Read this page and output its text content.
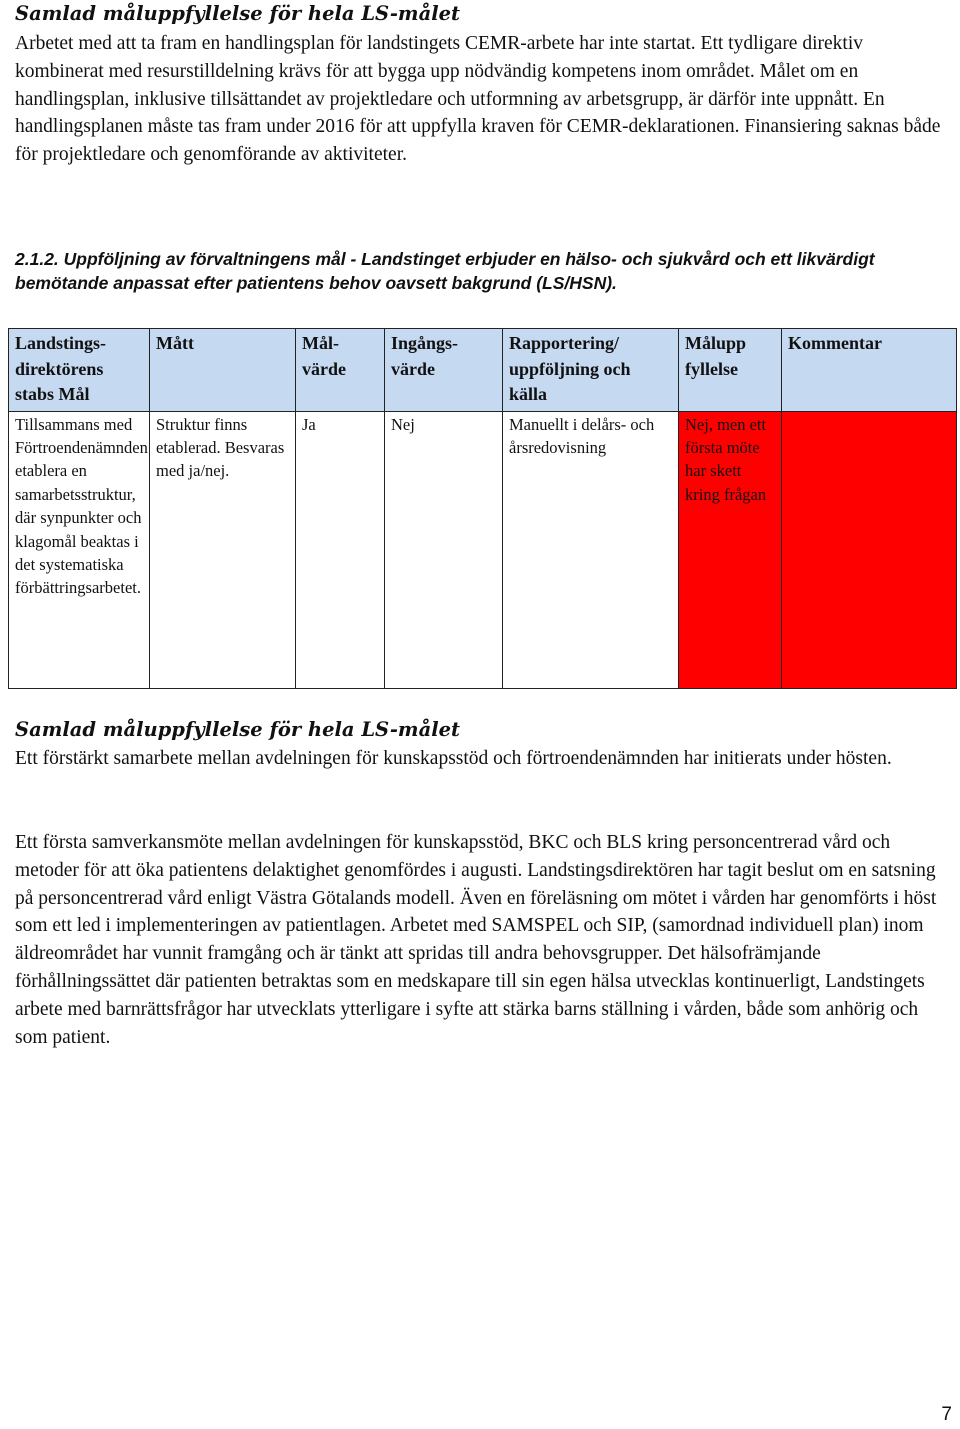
Samlad måluppfyllelse för hela LS-målet

Arbetet med att ta fram en handlingsplan för landstingets CEMR-arbete har inte startat. Ett tydligare direktiv kombinerat med resurstilldelning krävs för att bygga upp nödvändig kompetens inom området. Målet om en handlingsplan, inklusive tillsättandet av projektledare och utformning av arbetsgrupp, är därför inte uppnått. En handlingsplanen måste tas fram under 2016 för att uppfylla kraven för CEMR-deklarationen. Finansiering saknas både för projektledare och genomförande av aktiviteter.

2.1.2. Uppföljning av förvaltningens mål - Landstinget erbjuder en hälso- och sjukvård och ett likvärdigt bemötande anpassat efter patientens behov oavsett bakgrund (LS/HSN).

Landstings-direktörens stabs Mål	Mått	Mål-värde	Ingångs-värde	Rapportering/ uppföljning och källa	Målupp fyllelse	Kommentar
Tillsammans med Förtroendenämnden etablera en samarbetsstruktur, där synpunkter och klagomål beaktas i det systematiska förbättringsarbetet.	Struktur finns etablerad. Besvaras med ja/nej.	Ja	Nej	Manuellt i delårs- och årsredovisning	Nej, men ett första möte har skett kring frågan	
Samlad måluppfyllelse för hela LS-målet

Ett förstärkt samarbete mellan avdelningen för kunskapsstöd och förtroendenämnden har initierats under hösten.

Ett första samverkansmöte mellan avdelningen för kunskapsstöd, BKC och BLS kring personcentrerad vård och metoder för att öka patientens delaktighet genomfördes i augusti. Landstingsdirektören har tagit beslut om en satsning på personcentrerad vård enligt Västra Götalands modell. Även en föreläsning om mötet i vården har genomförts i höst som ett led i implementeringen av patientlagen. Arbetet med SAMSPEL och SIP, (samordnad individuell plan) inom äldreområdet har vunnit framgång och är tänkt att spridas till andra behovsgrupper. Det hälsofrämjande förhållningssättet där patienten betraktas som en medskapare till sin egen hälsa utvecklas kontinuerligt, Landstingets arbete med barnrättsfrågor har utvecklats ytterligare i syfte att stärka barns ställning i vården, både som anhörig och som patient.

7
